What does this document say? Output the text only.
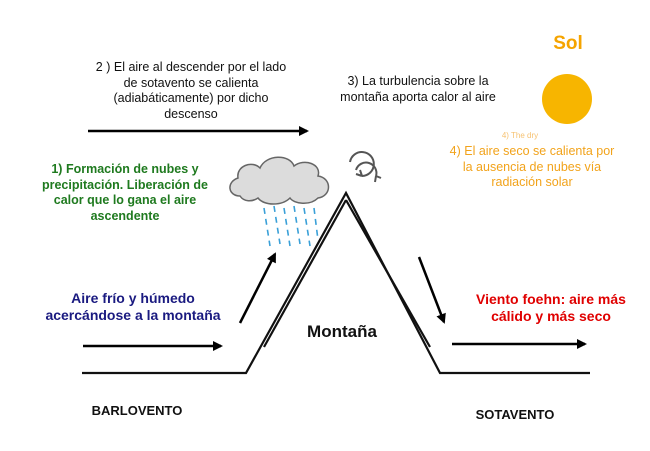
Sol
2 ) El aire al descender por el lado
de sotavento se calienta
(adiabáticamente) por dicho
descenso
3) La turbulencia sobre la
montaña aporta calor al aire
4) The dry
4) El aire seco se calienta por
la ausencia de nubes vía
radiación solar
1) Formación de nubes y
precipitación. Liberación de
calor que lo gana el aire
ascendente
Aire frío y húmedo
acercándose a la montaña
Viento foehn: aire más
cálido y más seco
Montaña
BARLOVENTO	SOTAVENTO
